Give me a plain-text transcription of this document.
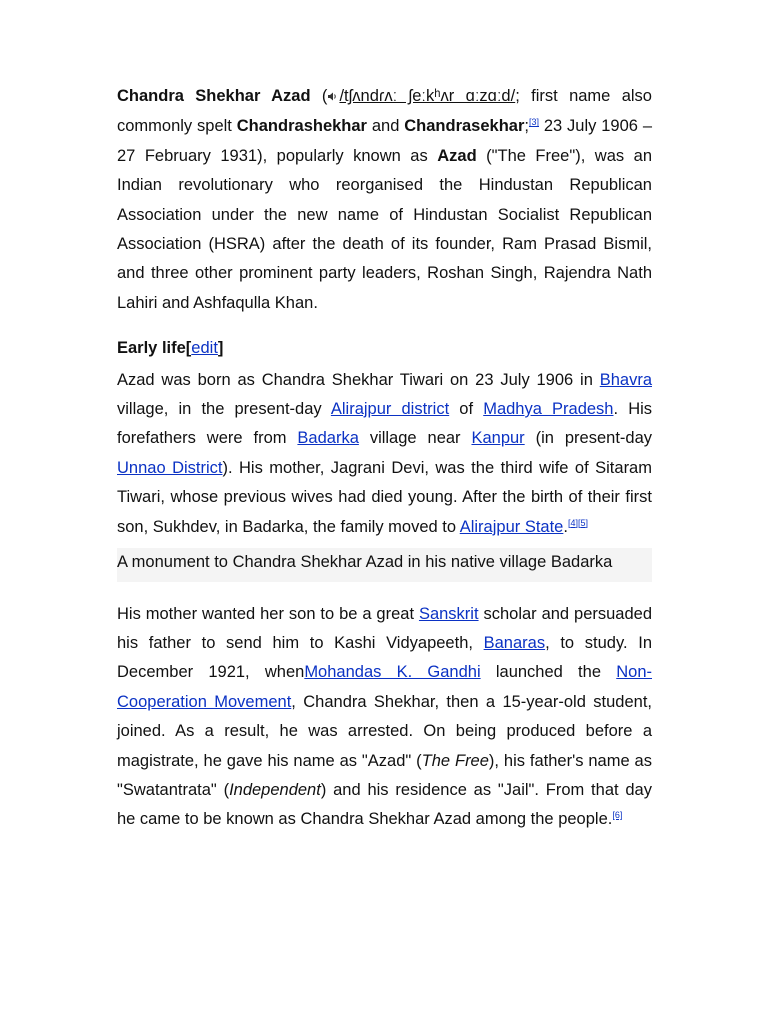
Chandra Shekhar Azad ( /tʃʌndɾʌː ʃeːkʰʌr ɑːzɑːd/; first name also commonly spelt Chandrashekhar and Chandrasekhar;[3] 23 July 1906 – 27 February 1931), popularly known as Azad ("The Free"), was an Indian revolutionary who reorganised the Hindustan Republican Association under the new name of Hindustan Socialist Republican Association (HSRA) after the death of its founder, Ram Prasad Bismil, and three other prominent party leaders, Roshan Singh, Rajendra Nath Lahiri and Ashfaqulla Khan.

Early life[edit]

Azad was born as Chandra Shekhar Tiwari on 23 July 1906 in Bhavra village, in the present-day Alirajpur district of Madhya Pradesh. His forefathers were from Badarka village near Kanpur (in present-day Unnao District). His mother, Jagrani Devi, was the third wife of Sitaram Tiwari, whose previous wives had died young. After the birth of their first son, Sukhdev, in Badarka, the family moved to Alirajpur State.[4][5]

A monument to Chandra Shekhar Azad in his native village Badarka

His mother wanted her son to be a great Sanskrit scholar and persuaded his father to send him to Kashi Vidyapeeth, Banaras, to study. In December 1921, whenMohandas K. Gandhi launched the Non-Cooperation Movement, Chandra Shekhar, then a 15-year-old student, joined. As a result, he was arrested. On being produced before a magistrate, he gave his name as "Azad" (The Free), his father's name as "Swatantrata" (Independent) and his residence as "Jail". From that day he came to be known as Chandra Shekhar Azad among the people.[6]
